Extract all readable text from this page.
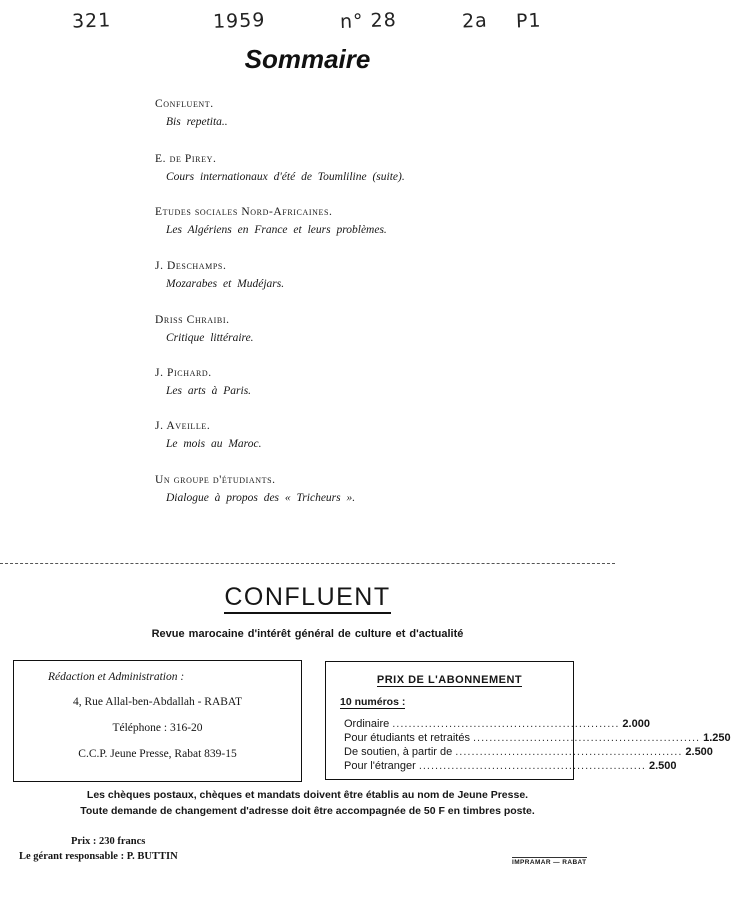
321	1959	n° 28	2a P1
Sommaire
Confluent.
Bis repetita..
E. de Pirey.
Cours internationaux d'été de Toumliline (suite).
Etudes sociales Nord-Africaines.
Les Algériens en France et leurs problèmes.
J. Deschamps.
Mozarabes et Mudéjars.
Driss Chraibi.
Critique littéraire.
J. Pichard.
Les arts à Paris.
J. Aveille.
Le mois au Maroc.
Un groupe d'étudiants.
Dialogue à propos des « Tricheurs ».
CONFLUENT
Revue marocaine d'intérêt général de culture et d'actualité
Rédaction et Administration :
4, Rue Allal-ben-Abdallah - RABAT
Téléphone : 316-20
C.C.P. Jeune Presse, Rabat 839-15
PRIX DE L'ABONNEMENT
10 numéros :
Ordinaire ........................................................ 2.000
Pour étudiants et retraités ........................................................ 1.250
De soutien, à partir de ........................................................ 2.500
Pour l'étranger ........................................................ 2.500
Les chèques postaux, chèques et mandats doivent être établis au nom de Jeune Presse.
Toute demande de changement d'adresse doit être accompagnée de 50 F en timbres poste.
Prix : 230 francs
Le gérant responsable : P. BUTTIN
IMPRAMAR — RABAT
